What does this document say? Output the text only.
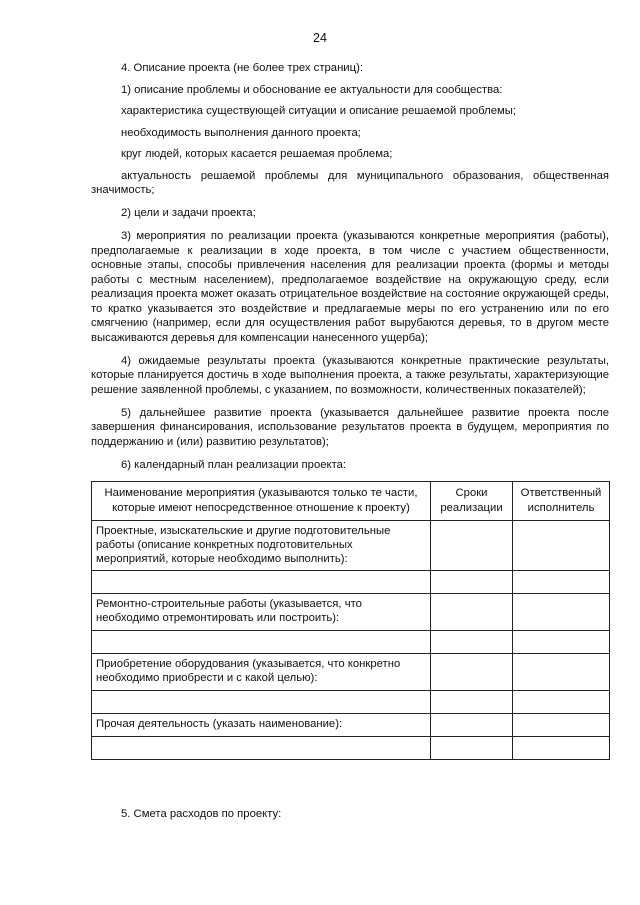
24

4. Описание проекта (не более трех страниц):

1) описание проблемы и обоснование ее актуальности для сообщества:

характеристика существующей ситуации и описание решаемой проблемы;

необходимость выполнения данного проекта;

круг людей, которых касается решаемая проблема;

актуальность решаемой проблемы для муниципального образования, общественная значимость;

2) цели и задачи проекта;

3) мероприятия по реализации проекта (указываются конкретные мероприятия (работы), предполагаемые к реализации в ходе проекта, в том числе с участием общественности, основные этапы, способы привлечения населения для реализации проекта (формы и методы работы с местным населением), предполагаемое воздействие на окружающую среду, если реализация проекта может оказать отрицательное воздействие на состояние окружающей среды, то кратко указывается это воздействие и предлагаемые меры по его устранению или по его смягчению (например, если для осуществления работ вырубаются деревья, то в другом месте высаживаются деревья для компенсации нанесенного ущерба);

4) ожидаемые результаты проекта (указываются конкретные практические результаты, которые планируется достичь в ходе выполнения проекта, а также результаты, характеризующие решение заявленной проблемы, с указанием, по возможности, количественных показателей);

5) дальнейшее развитие проекта (указывается дальнейшее развитие проекта после завершения финансирования, использование результатов проекта в будущем, мероприятия по поддержанию и (или) развитию результатов);

6) календарный план реализации проекта:

Наименование мероприятия (указываются только те части, которые имеют непосредственное отношение к проекту)	Сроки реализации	Ответственный исполнитель
Проектные, изыскательские и другие подготовительные работы (описание конкретных подготовительных мероприятий, которые необходимо выполнить):		

Ремонтно-строительные работы (указывается, что необходимо отремонтировать или построить):		

Приобретение оборудования (указывается, что конкретно необходимо приобрести и с какой целью):		

Прочая деятельность (указать наименование):		

5. Смета расходов по проекту:
